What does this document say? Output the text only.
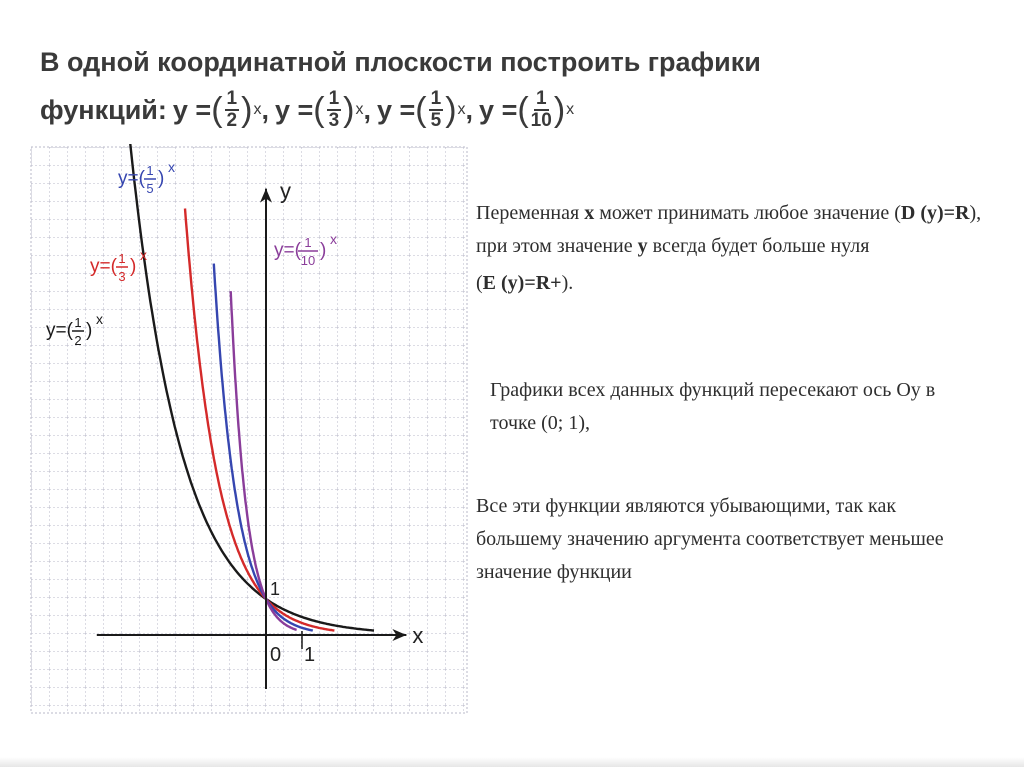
В одной координатной плоскости построить графики
функций: y = ( $\frac{1}{2}$ ) x , y = ( $\frac{1}{3}$ ) x , y = ( $\frac{1}{5}$ ) x , y = ( $\frac{1}{10}$ ) x
x
y
0 1
1
y=( 1
2 )
x
y=( 1
3 )
x
y=( 1
5 )
x
y=( 1
10 )
x
Переменная x может принимать любое значение (D (y)=R), при этом значение y всегда будет больше нуля
(E (y)=R+).
Графики всех данных функций пересекают ось Oy в точке (0; 1),
Все эти функции являются убывающими, так как большему значению аргумента соответствует меньшее значение функции
